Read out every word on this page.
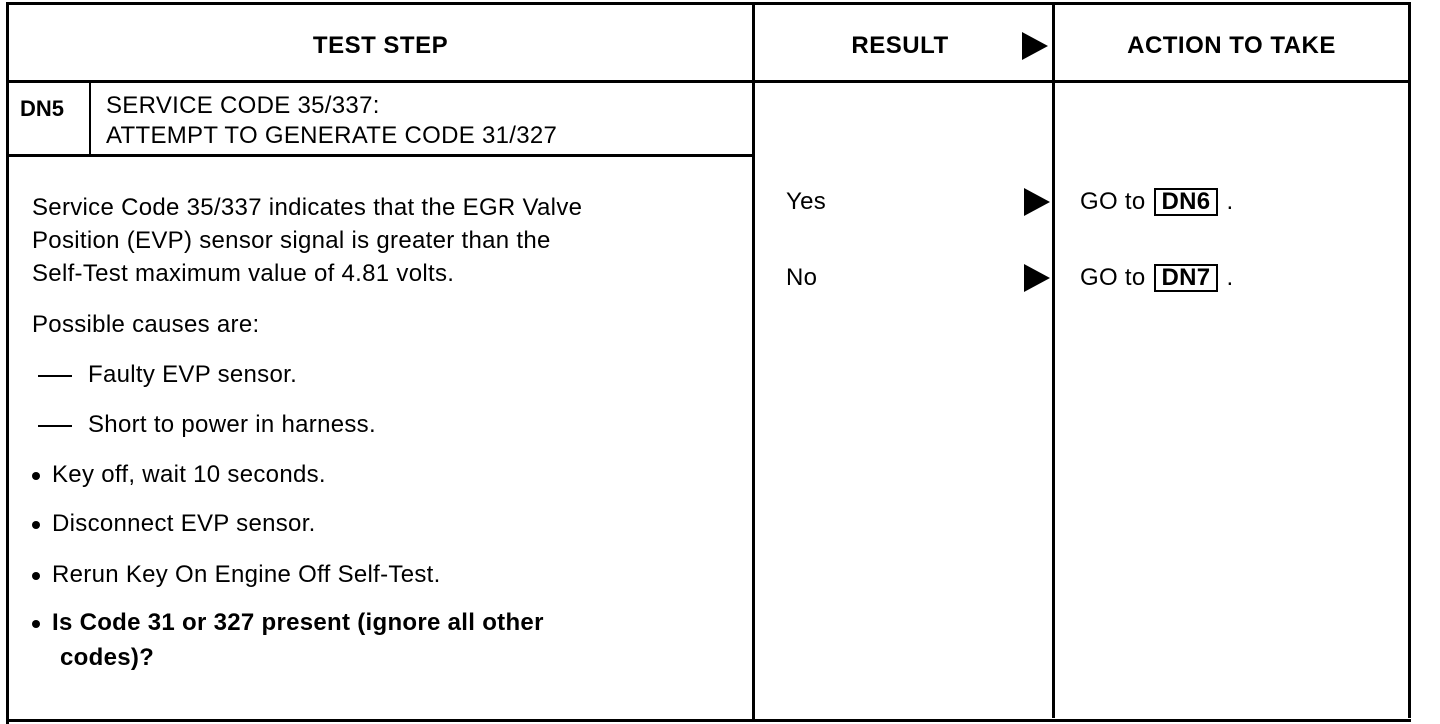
TEST STEP	RESULT	ACTION TO TAKE
DN5 SERVICE CODE 35/337:
ATTEMPT TO GENERATE CODE 31/327
Service Code 35/337 indicates that the EGR Valve
Position (EVP) sensor signal is greater than the
Self-Test maximum value of 4.81 volts.
Possible causes are:
Faulty EVP sensor.
Short to power in harness.
Key off, wait 10 seconds.
Disconnect EVP sensor.
Rerun Key On Engine Off Self-Test.
Is Code 31 or 327 present (ignore all other
codes)?
Yes	GO to DN6 .
No	GO to DN7 .
